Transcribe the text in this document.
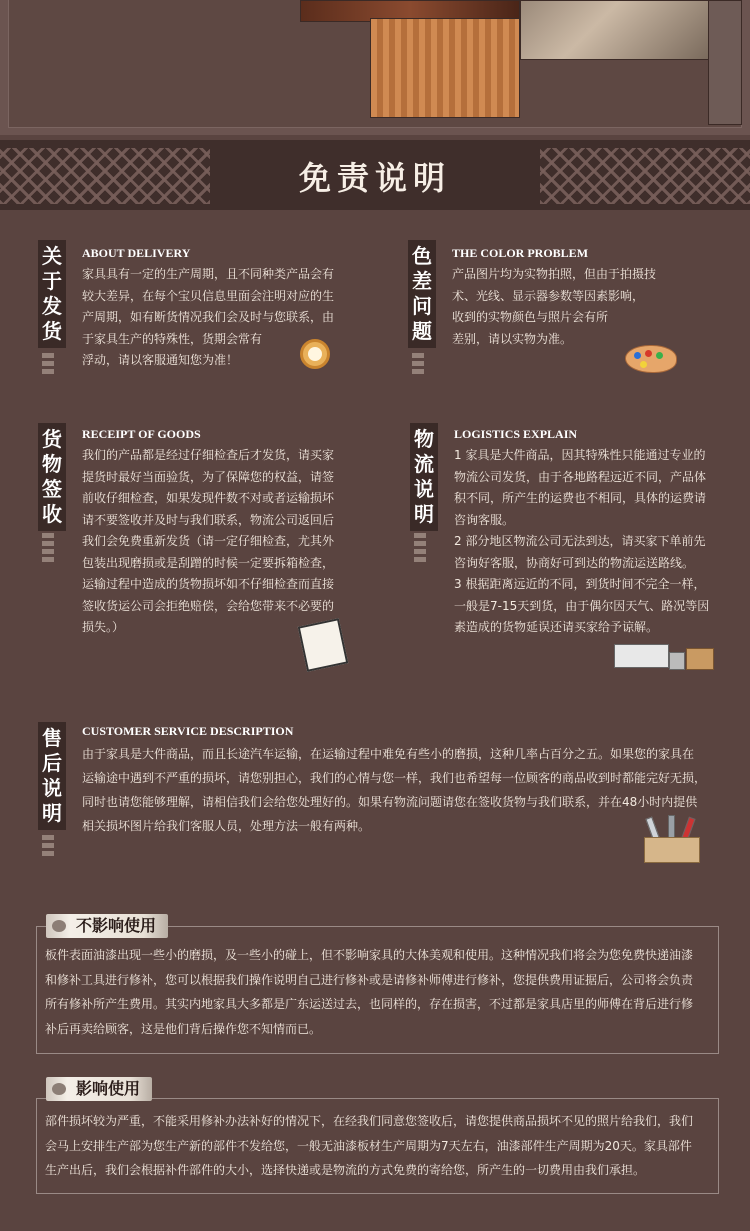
免责说明
关于发货
ABOUT DELIVERY

家具具有一定的生产周期，且不同种类产品会有

较大差异，在每个宝贝信息里面会注明对应的生

产周期，如有断货情况我们会及时与您联系，由

于家具生产的特殊性，货期会常有

浮动，请以客服通知您为准！

色差问题
THE COLOR PROBLEM

产品图片均为实物拍照，但由于拍摄技

术、光线、显示器参数等因素影响，

收到的实物颜色与照片会有所

差别，请以实物为准。

货物签收
RECEIPT OF GOODS

我们的产品都是经过仔细检查后才发货，请买家

提货时最好当面验货，为了保障您的权益，请签

前收仔细检查，如果发现件数不对或者运输损坏

请不要签收并及时与我们联系，物流公司返回后

我们会免费重新发货（请一定仔细检查，尤其外

包装出现磨损或是刮蹭的时候一定要拆箱检查，

运输过程中造成的货物损坏如不仔细检查而直接

签收货运公司会拒绝赔偿，会给您带来不必要的

损失。）

物流说明
LOGISTICS EXPLAIN

1 家具是大件商品，因其特殊性只能通过专业的

物流公司发货，由于各地路程远近不同，产品体

积不同，所产生的运费也不相同，具体的运费请

咨询客服。

2 部分地区物流公司无法到达，请买家下单前先

咨询好客服，协商好可到达的物流运送路线。

3 根据距离远近的不同，到货时间不完全一样，

一般是7-15天到货，由于偶尔因天气、路况等因

素造成的货物延误还请买家给予谅解。

售后说明
CUSTOMER SERVICE DESCRIPTION

由于家具是大件商品，而且长途汽车运输，在运输过程中难免有些小的磨损，这种几率占百分之五。如果您的家具在

运输途中遇到不严重的损坏，请您别担心，我们的心情与您一样，我们也希望每一位顾客的商品收到时都能完好无损，

同时也请您能够理解，请相信我们会给您处理好的。如果有物流问题请您在签收货物与我们联系，并在48小时内提供

相关损坏图片给我们客服人员，处理方法一般有两种。

板件表面油漆出现一些小的磨损，及一些小的碰上，但不影响家具的大体美观和使用。这种情况我们将会为您免费快递油漆
和修补工具进行修补，您可以根据我们操作说明自己进行修补或是请修补师傅进行修补，您提供费用证据后，公司将会负责
所有修补所产生费用。其实内地家具大多都是广东运送过去，也同样的，存在损害，不过都是家具店里的师傅在背后进行修
补后再卖给顾客，这是他们背后操作您不知情而已。
不影响使用
部件损坏较为严重，不能采用修补办法补好的情况下，在经我们同意您签收后，请您提供商品损坏不见的照片给我们，我们
会马上安排生产部为您生产新的部件不发给您，一般无油漆板材生产周期为7天左右，油漆部件生产周期为20天。家具部件
生产出后，我们会根据补件部件的大小，选择快递或是物流的方式免费的寄给您，所产生的一切费用由我们承担。
影响使用
